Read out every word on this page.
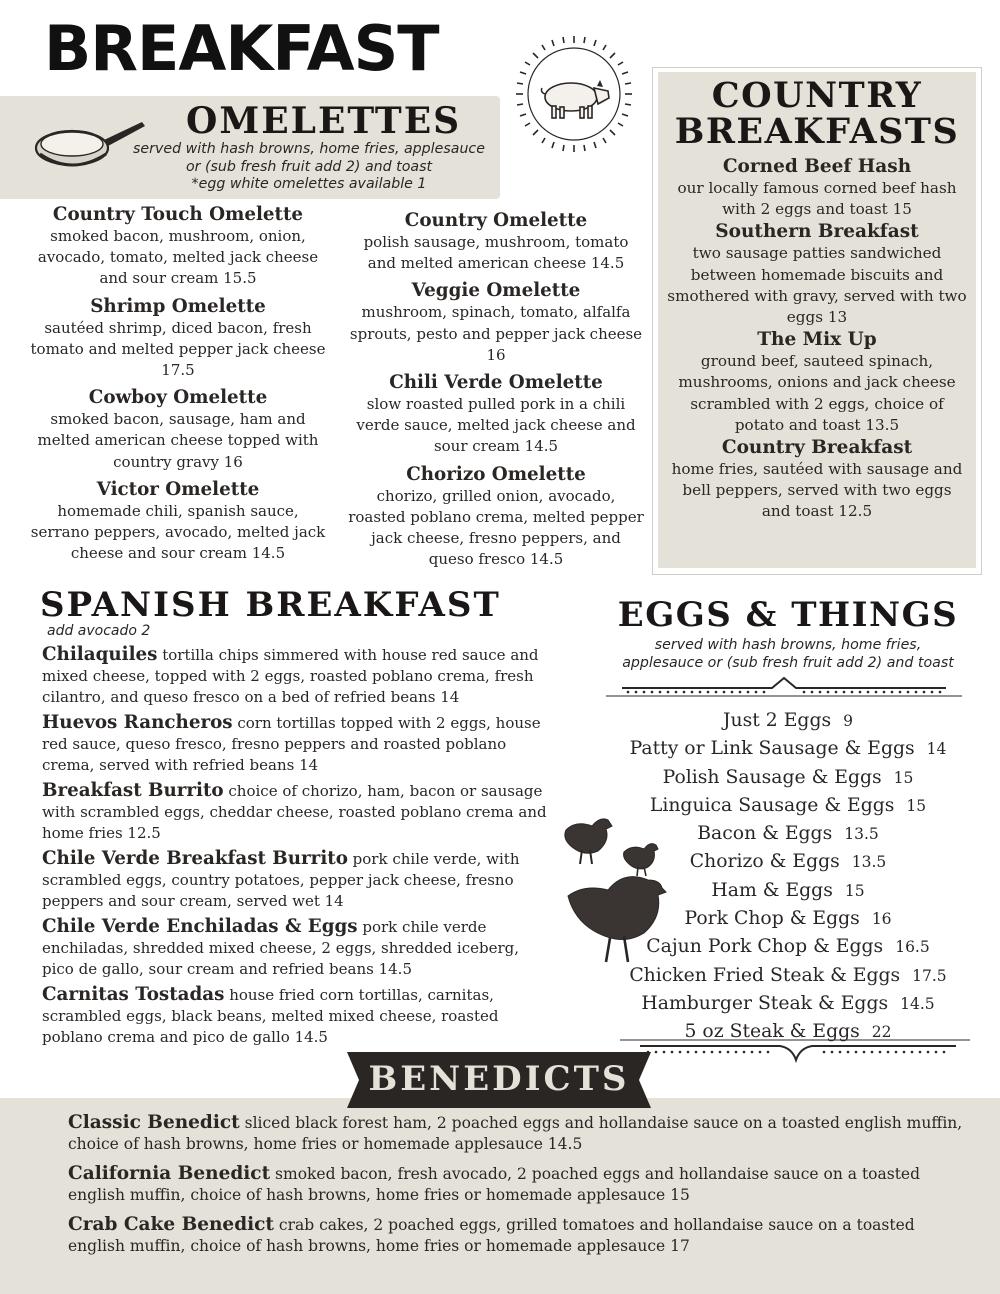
BREAKFAST
OMELETTES
served with hash browns, home fries, applesauce
or (sub fresh fruit add 2) and toast
*egg white omelettes available 1
Country Touch Omelette
smoked bacon, mushroom, onion, avocado, tomato, melted jack cheese and sour cream 15.5
Shrimp Omelette
sautéed shrimp, diced bacon, fresh tomato and melted pepper jack cheese 17.5
Cowboy Omelette
smoked bacon, sausage, ham and melted american cheese topped with country gravy 16
Victor Omelette
homemade chili, spanish sauce, serrano peppers, avocado, melted jack cheese and sour cream 14.5
Country Omelette
polish sausage, mushroom, tomato and melted american cheese 14.5
Veggie Omelette
mushroom, spinach, tomato, alfalfa sprouts, pesto and pepper jack cheese 16
Chili Verde Omelette
slow roasted pulled pork in a chili verde sauce, melted jack cheese and sour cream 14.5
Chorizo Omelette
chorizo, grilled onion, avocado, roasted poblano crema, melted pepper jack cheese, fresno peppers, and queso fresco 14.5
COUNTRY
BREAKFASTS
Corned Beef Hash
our locally famous corned beef hash with 2 eggs and toast 15
Southern Breakfast
two sausage patties sandwiched between homemade biscuits and smothered with gravy, served with two eggs 13
The Mix Up
ground beef, sauteed spinach, mushrooms, onions and jack cheese scrambled with 2 eggs, choice of potato and toast 13.5
Country Breakfast
home fries, sautéed with sausage and bell peppers, served with two eggs and toast 12.5
SPANISH BREAKFAST
add avocado 2
Chilaquiles tortilla chips simmered with house red sauce and mixed cheese, topped with 2 eggs, roasted poblano crema, fresh cilantro, and queso fresco on a bed of refried beans 14
Huevos Rancheros corn tortillas topped with 2 eggs, house red sauce, queso fresco, fresno peppers and roasted poblano crema, served with refried beans 14
Breakfast Burrito choice of chorizo, ham, bacon or sausage with scrambled eggs, cheddar cheese, roasted poblano crema and home fries 12.5
Chile Verde Breakfast Burrito pork chile verde, with scrambled eggs, country potatoes, pepper jack cheese, fresno peppers and sour cream, served wet 14
Chile Verde Enchiladas & Eggs pork chile verde enchiladas, shredded mixed cheese, 2 eggs, shredded iceberg, pico de gallo, sour cream and refried beans 14.5
Carnitas Tostadas house fried corn tortillas, carnitas, scrambled eggs, black beans, melted mixed cheese, roasted poblano crema and pico de gallo 14.5
EGGS & THINGS
served with hash browns, home fries,
applesauce or (sub fresh fruit add 2) and toast
Just 2 Eggs 9
Patty or Link Sausage & Eggs 14
Polish Sausage & Eggs 15
Linguica Sausage & Eggs 15
Bacon & Eggs 13.5
Chorizo & Eggs 13.5
Ham & Eggs 15
Pork Chop & Eggs 16
Cajun Pork Chop & Eggs 16.5
Chicken Fried Steak & Eggs 17.5
Hamburger Steak & Eggs 14.5
5 oz Steak & Eggs 22
BENEDICTS
Classic Benedict sliced black forest ham, 2 poached eggs and hollandaise sauce on a toasted english muffin, choice of hash browns, home fries or homemade applesauce 14.5
California Benedict smoked bacon, fresh avocado, 2 poached eggs and hollandaise sauce on a toasted english muffin, choice of hash browns, home fries or homemade applesauce 15
Crab Cake Benedict crab cakes, 2 poached eggs, grilled tomatoes and hollandaise sauce on a toasted english muffin, choice of hash browns, home fries or homemade applesauce 17
